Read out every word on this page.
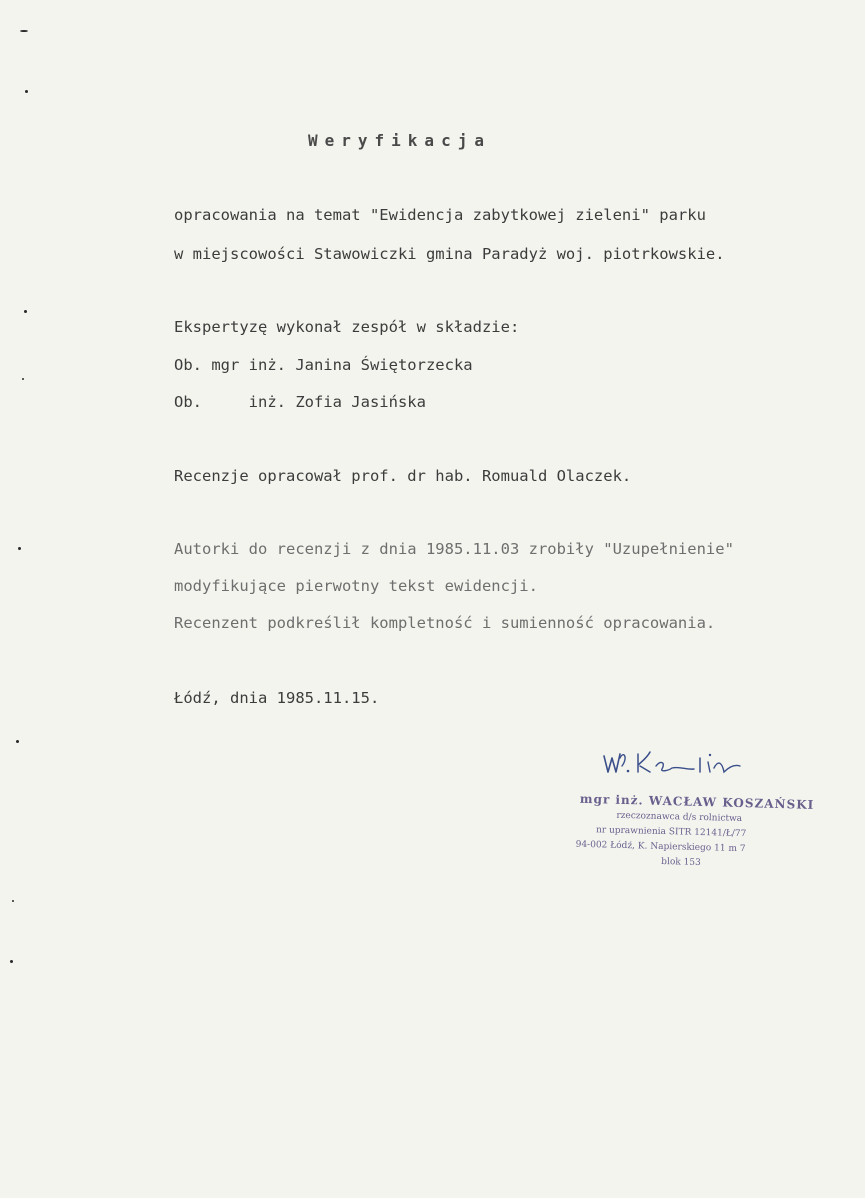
Weryfikacja
opracowania na temat "Ewidencja zabytkowej zieleni" parku
w miejscowości Stawowiczki gmina Paradyż woj. piotrkowskie.
Ekspertyzę wykonał zespół w składzie:
Ob. mgr inż. Janina Świętorzecka
Ob.     inż. Zofia Jasińska
Recenzje opracował prof. dr hab. Romuald Olaczek.
Autorki do recenzji z dnia 1985.11.03 zrobiły "Uzupełnienie"
modyfikujące pierwotny tekst ewidencji.
Recenzent podkreślił kompletność i sumienność opracowania.
Łódź, dnia 1985.11.15.
mgr inż. WACŁAW KOSZAŃSKI
rzeczoznawca d/s rolnictwa
nr uprawnienia SITR 12141/Ł/77
94-002 Łódź, K. Napierskiego 11 m 7
blok 153
